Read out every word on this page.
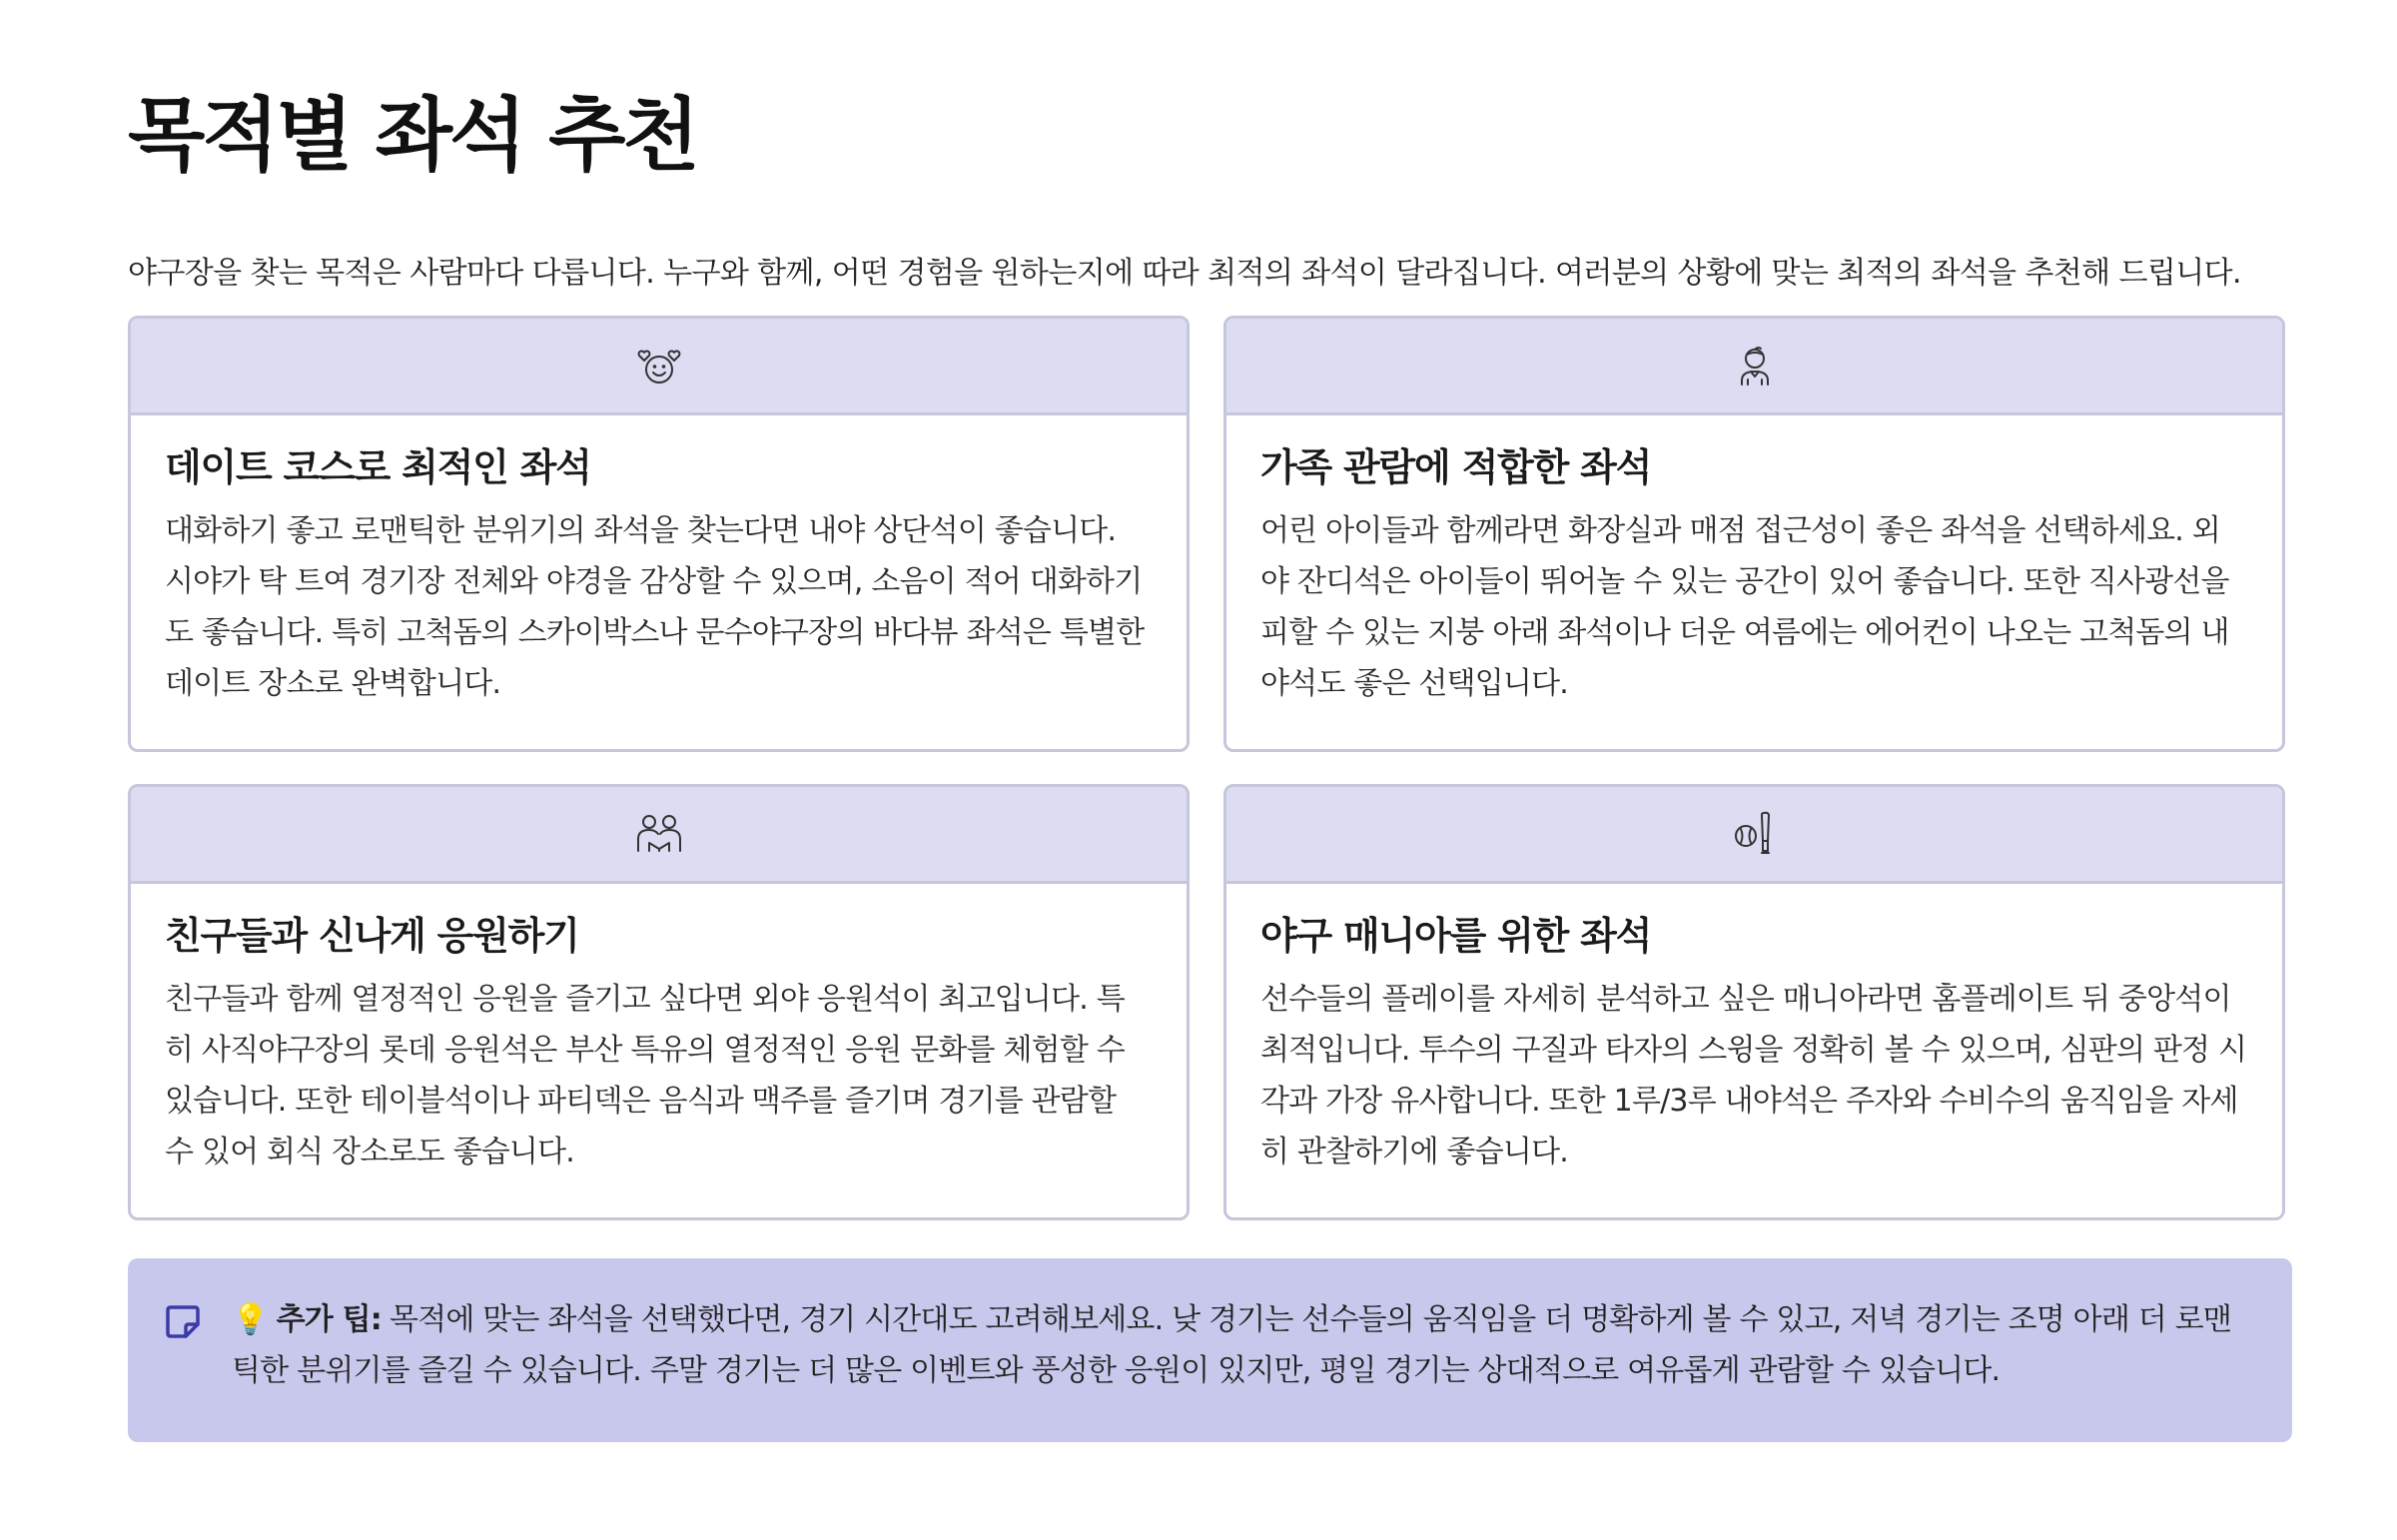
목적별 좌석 추천
야구장을 찾는 목적은 사람마다 다릅니다. 누구와 함께, 어떤 경험을 원하는지에 따라 최적의 좌석이 달라집니다. 여러분의 상황에 맞는 최적의 좌석을 추천해 드립니다.
데이트 코스로 최적인 좌석

대화하기 좋고 로맨틱한 분위기의 좌석을 찾는다면 내야 상단석이 좋습니다. 시야가 탁 트여 경기장 전체와 야경을 감상할 수 있으며, 소음이 적어 대화하기도 좋습니다. 특히 고척돔의 스카이박스나 문수야구장의 바다뷰 좌석은 특별한 데이트 장소로 완벽합니다.

가족 관람에 적합한 좌석

어린 아이들과 함께라면 화장실과 매점 접근성이 좋은 좌석을 선택하세요. 외야 잔디석은 아이들이 뛰어놀 수 있는 공간이 있어 좋습니다. 또한 직사광선을 피할 수 있는 지붕 아래 좌석이나 더운 여름에는 에어컨이 나오는 고척돔의 내야석도 좋은 선택입니다.

친구들과 신나게 응원하기

친구들과 함께 열정적인 응원을 즐기고 싶다면 외야 응원석이 최고입니다. 특히 사직야구장의 롯데 응원석은 부산 특유의 열정적인 응원 문화를 체험할 수 있습니다. 또한 테이블석이나 파티덱은 음식과 맥주를 즐기며 경기를 관람할 수 있어 회식 장소로도 좋습니다.

야구 매니아를 위한 좌석

선수들의 플레이를 자세히 분석하고 싶은 매니아라면 홈플레이트 뒤 중앙석이 최적입니다. 투수의 구질과 타자의 스윙을 정확히 볼 수 있으며, 심판의 판정 시각과 가장 유사합니다. 또한 1루/3루 내야석은 주자와 수비수의 움직임을 자세히 관찰하기에 좋습니다.

💡 추가 팁: 목적에 맞는 좌석을 선택했다면, 경기 시간대도 고려해보세요. 낮 경기는 선수들의 움직임을 더 명확하게 볼 수 있고, 저녁 경기는 조명 아래 더 로맨틱한 분위기를 즐길 수 있습니다. 주말 경기는 더 많은 이벤트와 풍성한 응원이 있지만, 평일 경기는 상대적으로 여유롭게 관람할 수 있습니다.
